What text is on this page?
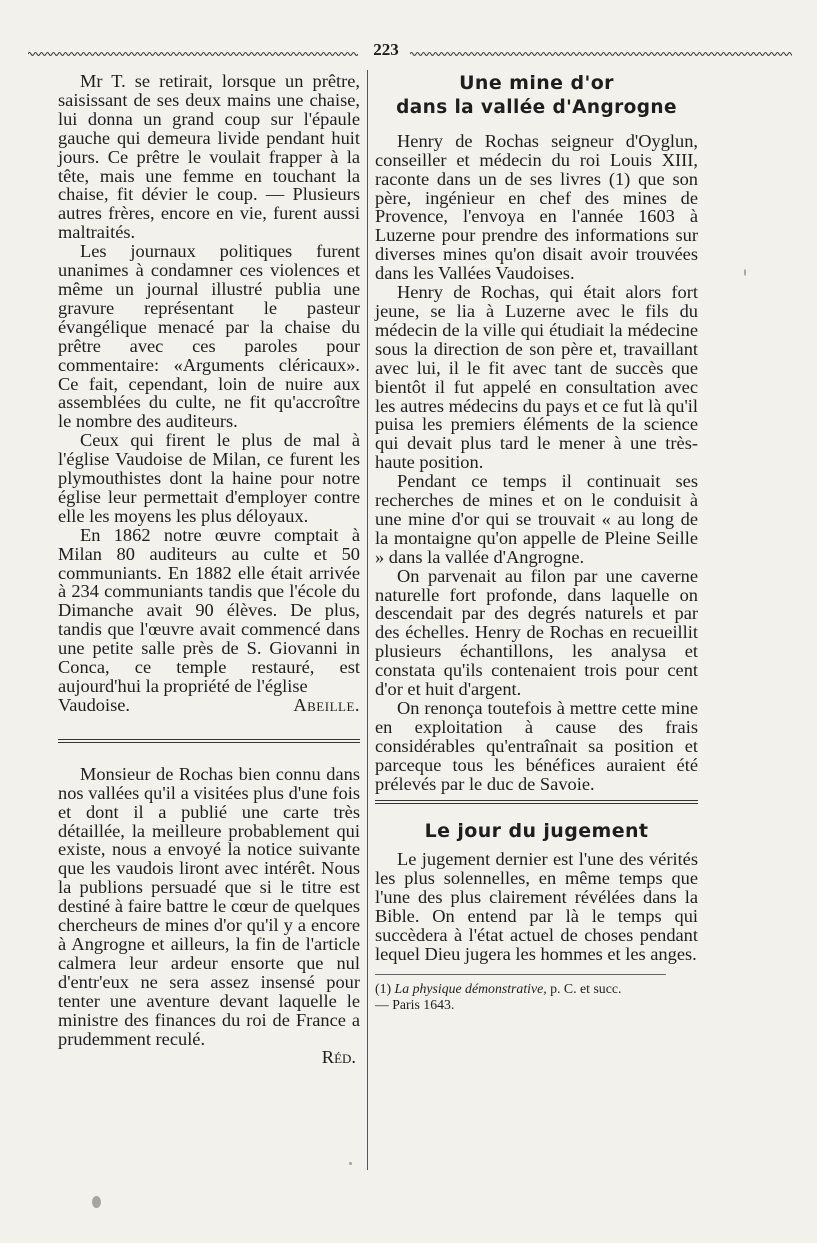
223

Mr T. se retirait, lorsque un prêtre, saisissant de ses deux mains une chaise, lui donna un grand coup sur l'épaule gauche qui demeura livide pendant huit jours. Ce prêtre le voulait frapper à la tête, mais une femme en touchant la chaise, fit dévier le coup. — Plusieurs autres frères, encore en vie, furent aussi maltraités.

Les journaux politiques furent unanimes à condamner ces violences et même un journal illustré publia une gravure représentant le pasteur évangélique menacé par la chaise du prêtre avec ces paroles pour commentaire: «Arguments cléricaux». Ce fait, cependant, loin de nuire aux assemblées du culte, ne fit qu'accroître le nombre des auditeurs.

Ceux qui firent le plus de mal à l'église Vaudoise de Milan, ce furent les plymouthistes dont la haine pour notre église leur permettait d'employer contre elle les moyens les plus déloyaux.

En 1862 notre œuvre comptait à Milan 80 auditeurs au culte et 50 communiants. En 1882 elle était arrivée à 234 communiants tandis que l'école du Dimanche avait 90 élèves. De plus, tandis que l'œuvre avait commencé dans une petite salle près de S. Giovanni in Conca, ce temple restauré, est aujourd'hui la propriété de l'église

Vaudoise.	Abeille.

Monsieur de Rochas bien connu dans nos vallées qu'il a visitées plus d'une fois et dont il a publié une carte très détaillée, la meilleure probablement qui existe, nous a envoyé la notice suivante que les vaudois liront avec intérêt. Nous la publions persuadé que si le titre est destiné à faire battre le cœur de quelques chercheurs de mines d'or qu'il y a encore à Angrogne et ailleurs, la fin de l'article calmera leur ardeur ensorte que nul d'entr'eux ne sera assez insensé pour tenter une aventure devant laquelle le ministre des finances du roi de France a prudemment reculé.

Réd.

Une mine d'or
dans la vallée d'Angrogne

Henry de Rochas seigneur d'Oyglun, conseiller et médecin du roi Louis XIII, raconte dans un de ses livres (1) que son père, ingénieur en chef des mines de Provence, l'envoya en l'année 1603 à Luzerne pour prendre des informations sur diverses mines qu'on disait avoir trouvées dans les Vallées Vaudoises.

Henry de Rochas, qui était alors fort jeune, se lia à Luzerne avec le fils du médecin de la ville qui étudiait la médecine sous la direction de son père et, travaillant avec lui, il le fit avec tant de succès que bientôt il fut appelé en consultation avec les autres médecins du pays et ce fut là qu'il puisa les premiers éléments de la science qui devait plus tard le mener à une très-haute position.

Pendant ce temps il continuait ses recherches de mines et on le conduisit à une mine d'or qui se trouvait « au long de la montaigne qu'on appelle de Pleine Seille » dans la vallée d'Angrogne.

On parvenait au filon par une caverne naturelle fort profonde, dans laquelle on descendait par des degrés naturels et par des échelles. Henry de Rochas en recueillit plusieurs échantillons, les analysa et constata qu'ils contenaient trois pour cent d'or et huit d'argent.

On renonça toutefois à mettre cette mine en exploitation à cause des frais considérables qu'entraînait sa position et parceque tous les bénéfices auraient été prélevés par le duc de Savoie.

Le jour du jugement

Le jugement dernier est l'une des vérités les plus solennelles, en même temps que l'une des plus clairement révélées dans la Bible. On entend par là le temps qui succèdera à l'état actuel de choses pendant lequel Dieu jugera les hommes et les anges.

(1) La physique démonstrative, p. C. et succ.
— Paris 1643.
